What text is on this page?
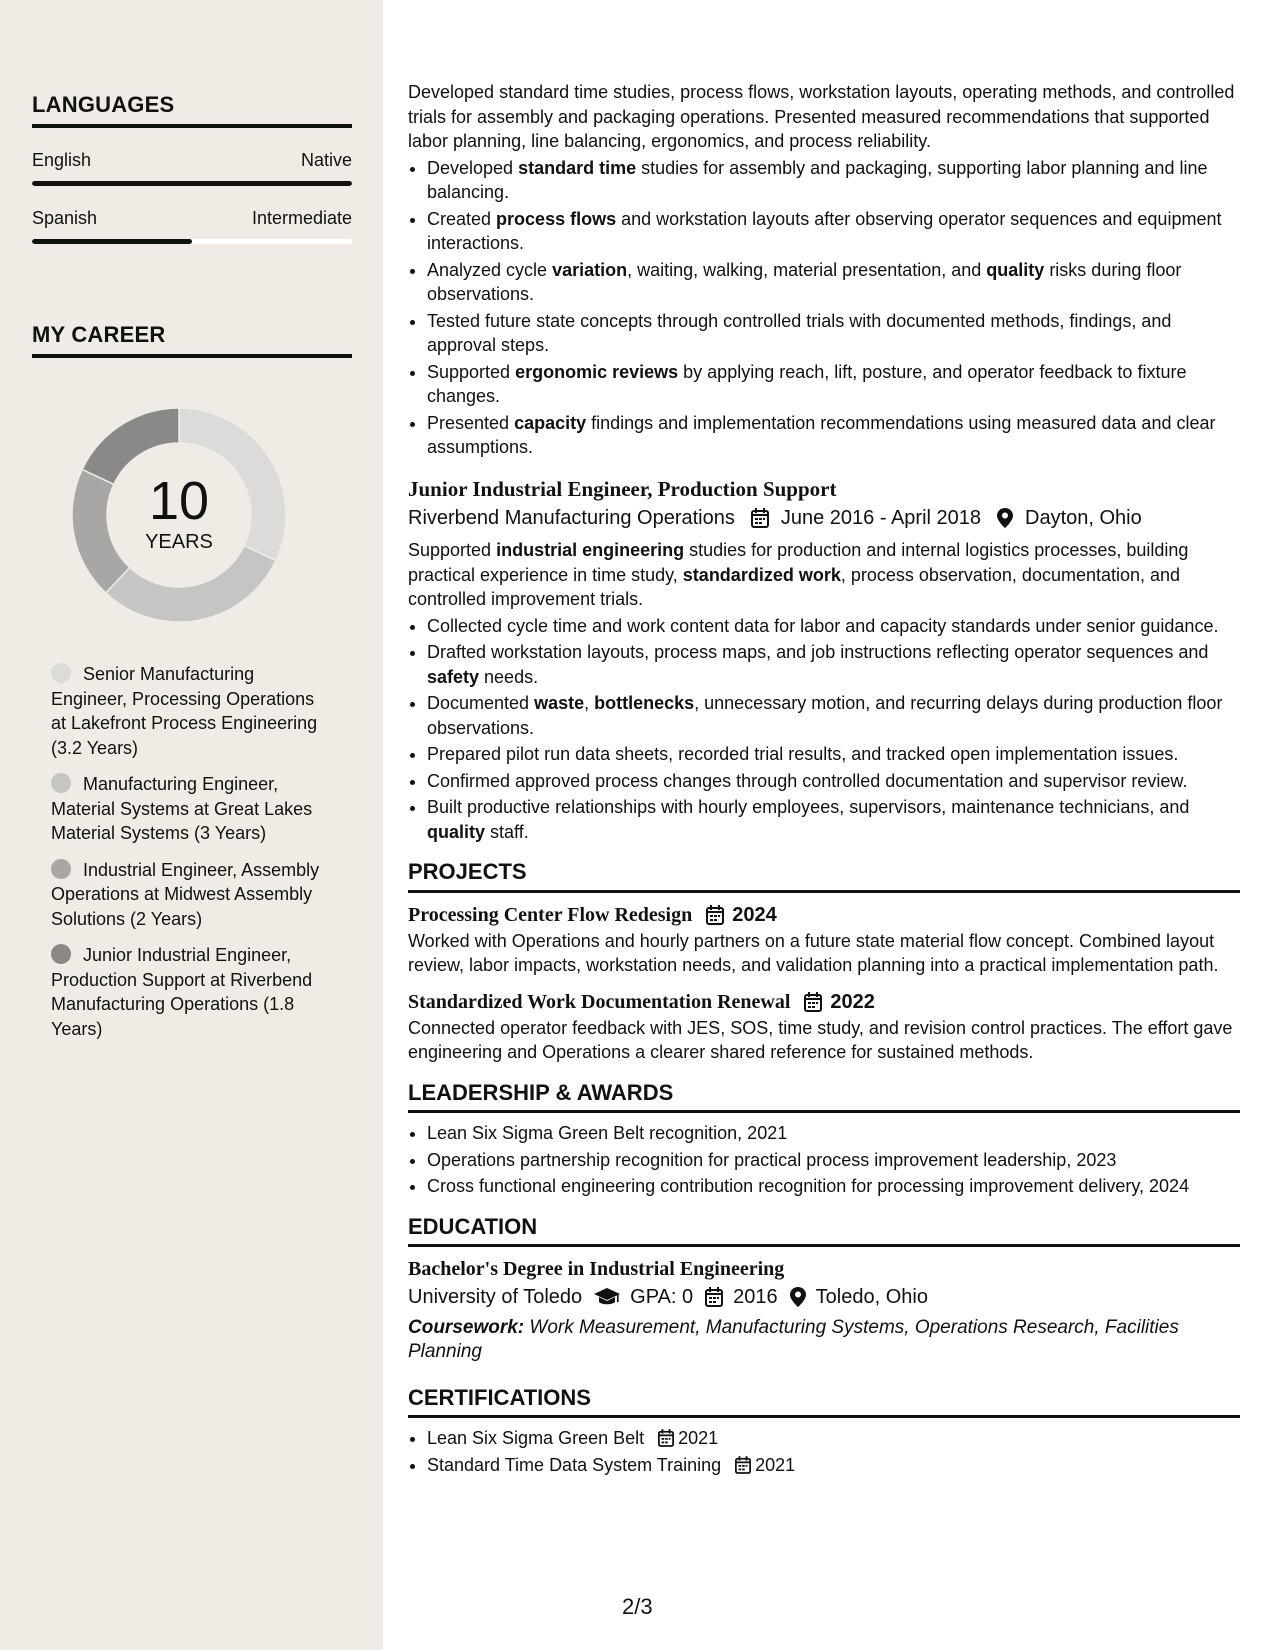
LANGUAGES
English	Native
Spanish	Intermediate
MY CAREER
10
YEARS
Senior Manufacturing Engineer, Processing Operations at Lakefront Process Engineering (3.2 Years)
Manufacturing Engineer, Material Systems at Great Lakes Material Systems (3 Years)
Industrial Engineer, Assembly Operations at Midwest Assembly Solutions (2 Years)
Junior Industrial Engineer, Production Support at Riverbend Manufacturing Operations (1.8 Years)

Developed standard time studies, process flows, workstation layouts, operating methods, and controlled trials for assembly and packaging operations. Presented measured recommendations that supported labor planning, line balancing, ergonomics, and process reliability.

• Developed standard time studies for assembly and packaging, supporting labor planning and line balancing.
• Created process flows and workstation layouts after observing operator sequences and equipment interactions.
• Analyzed cycle variation, waiting, walking, material presentation, and quality risks during floor observations.
• Tested future state concepts through controlled trials with documented methods, findings, and approval steps.
• Supported ergonomic reviews by applying reach, lift, posture, and operator feedback to fixture changes.
• Presented capacity findings and implementation recommendations using measured data and clear assumptions.
Junior Industrial Engineer, Production Support
Riverbend Manufacturing Operations June 2016 - April 2018 Dayton, Ohio

Supported industrial engineering studies for production and internal logistics processes, building practical experience in time study, standardized work, process observation, documentation, and controlled improvement trials.

• Collected cycle time and work content data for labor and capacity standards under senior guidance.
• Drafted workstation layouts, process maps, and job instructions reflecting operator sequences and safety needs.
• Documented waste, bottlenecks, unnecessary motion, and recurring delays during production floor observations.
• Prepared pilot run data sheets, recorded trial results, and tracked open implementation issues.
• Confirmed approved process changes through controlled documentation and supervisor review.
• Built productive relationships with hourly employees, supervisors, maintenance technicians, and quality staff.
PROJECTS
Processing Center Flow Redesign 2024

Worked with Operations and hourly partners on a future state material flow concept. Combined layout review, labor impacts, workstation needs, and validation planning into a practical implementation path.

Standardized Work Documentation Renewal 2022

Connected operator feedback with JES, SOS, time study, and revision control practices. The effort gave engineering and Operations a clearer shared reference for sustained methods.

LEADERSHIP & AWARDS
• Lean Six Sigma Green Belt recognition, 2021
• Operations partnership recognition for practical process improvement leadership, 2023
• Cross functional engineering contribution recognition for processing improvement delivery, 2024
EDUCATION
Bachelor's Degree in Industrial Engineering
University of Toledo GPA: 0 2016 Toledo, Ohio
Coursework: Work Measurement, Manufacturing Systems, Operations Research, Facilities Planning
CERTIFICATIONS
• Lean Six Sigma Green Belt 2021
• Standard Time Data System Training 2021
2/3
